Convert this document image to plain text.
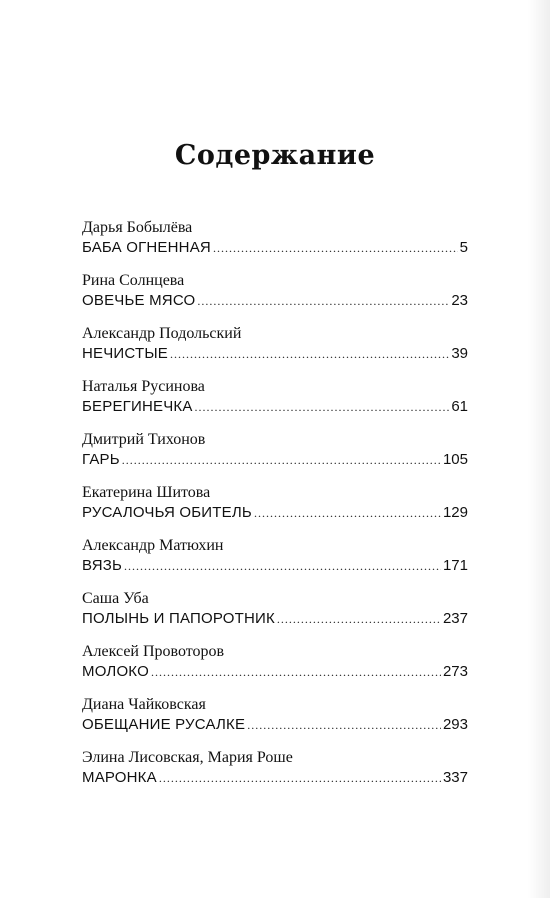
Содержание
Дарья Бобылёва
БАБА ОГНЕННАЯ .....	5
Рина Солнцева
ОВЕЧЬЕ МЯСО .....	23
Александр Подольский
НЕЧИСТЫЕ .....	39
Наталья Русинова
БЕРЕГИНЕЧКА .....	61
Дмитрий Тихонов
ГАРЬ .....	105
Екатерина Шитова
РУСАЛОЧЬЯ ОБИТЕЛЬ .....	129
Александр Матюхин
ВЯЗЬ .....	171
Саша Уба
ПОЛЫНЬ И ПАПОРОТНИК .....	237
Алексей Провоторов
МОЛОКО .....	273
Диана Чайковская
ОБЕЩАНИЕ РУСАЛКЕ .....	293
Элина Лисовская, Мария Роше
МАРОНКА .....	337
